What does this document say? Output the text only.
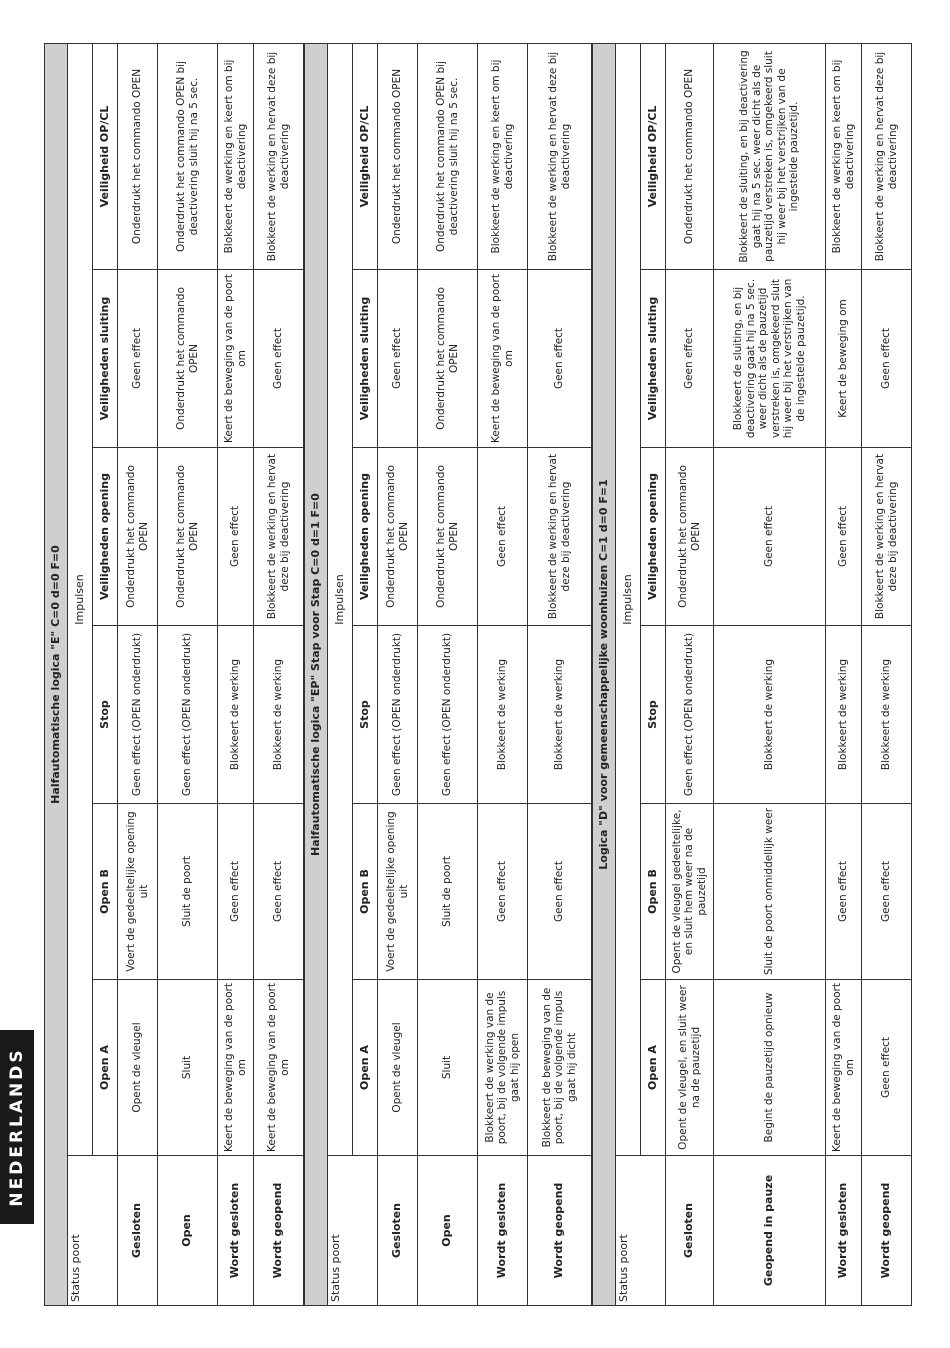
NEDERLANDS
Halfautomatische logica "E" C=0 d=0 F=0						
Status poort	Impulsen					
	Open A	Open B	Stop	Veiligheden opening	Veiligheden sluiting	Veiligheid OP/CL
Gesloten	Opent de vleugel	Voert de gedeeltelijke opening uit	Geen effect (OPEN onderdrukt)	Onderdrukt het commando OPEN	Geen effect	Onderdrukt het commando OPEN
Open	Sluit	Sluit de poort	Geen effect (OPEN onderdrukt)	Onderdrukt het commando OPEN	Onderdrukt het commando OPEN	Onderdrukt het commando OPEN bij deactivering sluit hij na 5 sec.
Wordt gesloten	Keert de beweging van de poort om	Geen effect	Blokkeert de werking	Geen effect	Keert de beweging van de poort om	Blokkeert de werking en keert om bij deactivering
Wordt geopend	Keert de beweging van de poort om	Geen effect	Blokkeert de werking	Blokkeert de werking en hervat deze bij deactivering	Geen effect	Blokkeert de werking en hervat deze bij deactivering
Halfautomatische logica "EP" Stap voor Stap C=0 d=1 F=0						
Status poort	Impulsen					
	Open A	Open B	Stop	Veiligheden opening	Veiligheden sluiting	Veiligheid OP/CL
Gesloten	Opent de vleugel	Voert de gedeeltelijke opening uit	Geen effect (OPEN onderdrukt)	Onderdrukt het commando OPEN	Geen effect	Onderdrukt het commando OPEN
Open	Sluit	Sluit de poort	Geen effect (OPEN onderdrukt)	Onderdrukt het commando OPEN	Onderdrukt het commando OPEN	Onderdrukt het commando OPEN bij deactivering sluit hij na 5 sec.
Wordt gesloten	Blokkeert de werking van de poort, bij de volgende impuls gaat hij open	Geen effect	Blokkeert de werking	Geen effect	Keert de beweging van de poort om	Blokkeert de werking en keert om bij deactivering
Wordt geopend	Blokkeert de beweging van de poort, bij de volgende impuls gaat hij dicht	Geen effect	Blokkeert de werking	Blokkeert de werking en hervat deze bij deactivering	Geen effect	Blokkeert de werking en hervat deze bij deactivering
Logica "D" voor gemeenschappelijke woonhuizen C=1 d=0 F=1						
Status poort	Impulsen					
	Open A	Open B	Stop	Veiligheden opening	Veiligheden sluiting	Veiligheid OP/CL
Gesloten	Opent de vleugel, en sluit weer na de pauzetijd	Opent de vleugel gedeeltelijke, en sluit hem weer na de pauzetijd	Geen effect (OPEN onderdrukt)	Onderdrukt het commando OPEN	Geen effect	Onderdrukt het commando OPEN
Geopend in pauze	Begint de pauzetijd opnieuw	Sluit de poort onmiddellijk weer	Blokkeert de werking	Geen effect	Blokkeert de sluiting, en bij deactivering gaat hij na 5 sec. weer dicht als de pauzetijd verstreken is, omgekeerd sluit hij weer bij het verstrijken van de ingestelde pauzetijd.	Blokkeert de sluiting, en bij deactivering gaat hij na 5 sec. weer dicht als de pauzetijd verstreken is, omgekeerd sluit hij weer bij het verstrijken van de ingestelde pauzetijd.
Wordt gesloten	Keert de beweging van de poort om	Geen effect	Blokkeert de werking	Geen effect	Keert de beweging om	Blokkeert de werking en keert om bij deactivering
Wordt geopend	Geen effect	Geen effect	Blokkeert de werking	Blokkeert de werking en hervat deze bij deactivering	Geen effect	Blokkeert de werking en hervat deze bij deactivering
